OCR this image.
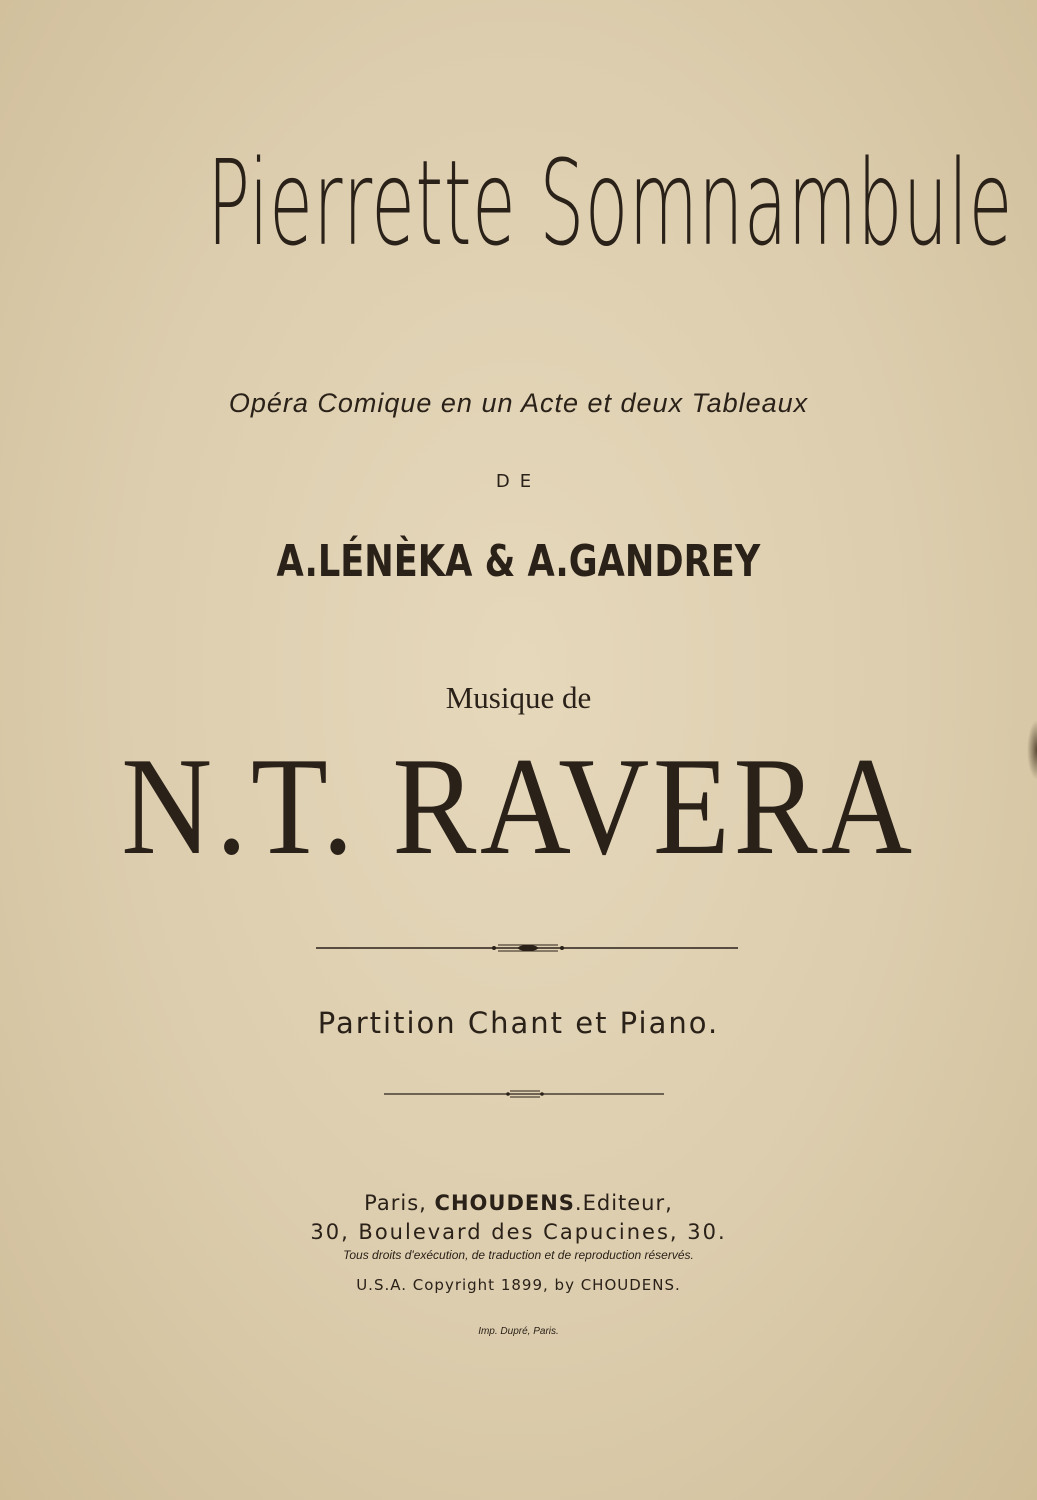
Pierrette Somnambule
Opéra Comique en un Acte et deux Tableaux
DE
A.LÉNÈKA & A.GANDREY
Musique de
N.T. RAVERA
Partition Chant et Piano.
Paris, CHOUDENS.Editeur,
30, Boulevard des Capucines, 30.
Tous droits d'exécution, de traduction et de reproduction réservés.
U.S.A. Copyright 1899, by CHOUDENS.
Imp. Dupré, Paris.
